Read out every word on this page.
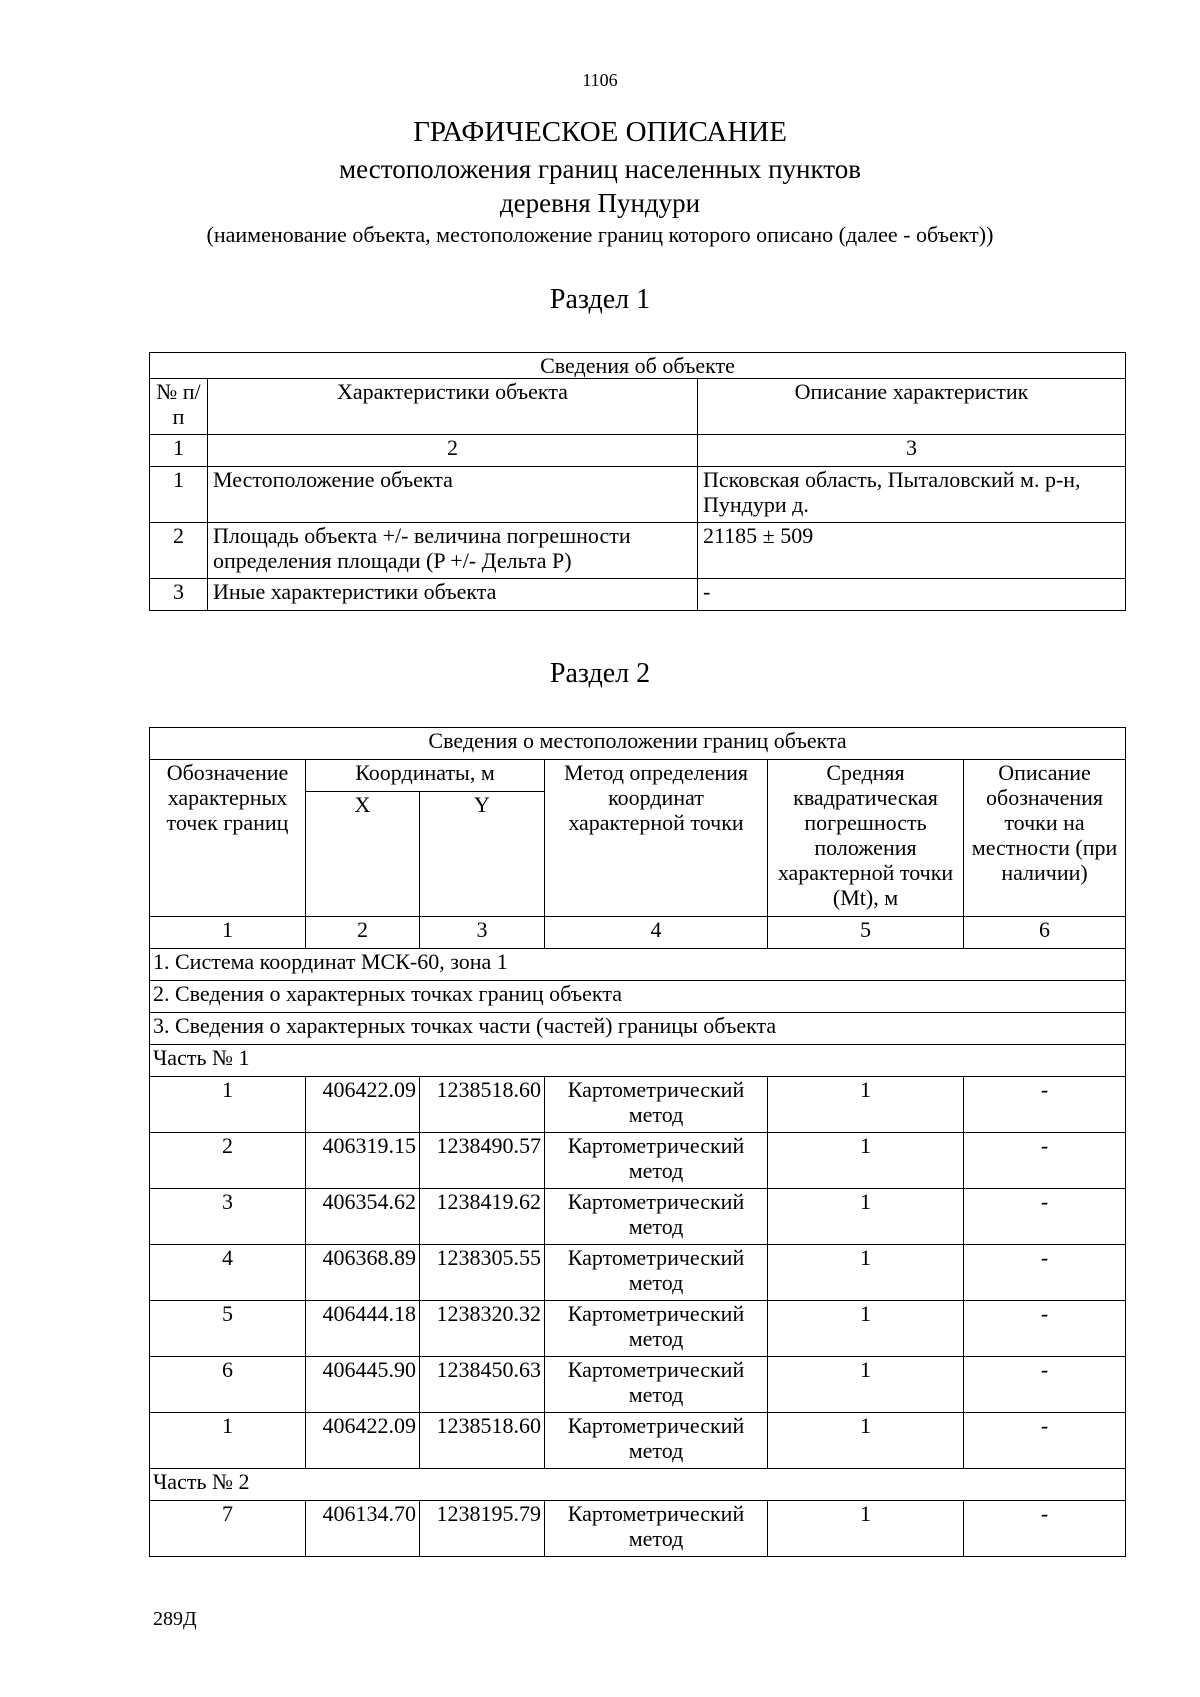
1106
ГРАФИЧЕСКОЕ ОПИСАНИЕ
местоположения границ населенных пунктов
деревня Пундури
(наименование объекта, местоположение границ которого описано (далее - объект))
Раздел 1
Сведения об объекте		
№ п/п	Характеристики объекта	Описание характеристик
1	2	3
1	Местоположение объекта	Псковская область, Пыталовский м. р-н, Пундури д.
2	Площадь объекта +/- величина погрешности определения площади (P +/- Дельта P)	21185 ± 509
3	Иные характеристики объекта	-
Раздел 2
Сведения о местоположении границ объекта					
Обозначение характерных точек границ	Координаты, м		Метод определения координат характерной точки	Средняя квадратическая погрешность положения характерной точки (Mt), м	Описание обозначения точки на местности (при наличии)
	X	Y			
1	2	3	4	5	6
1. Система координат МСК-60, зона 1					
2. Сведения о характерных точках границ объекта					
3. Сведения о характерных точках части (частей) границы объекта					
Часть № 1					
1	406422.09	1238518.60	Картометрический метод	1	-
2	406319.15	1238490.57	Картометрический метод	1	-
3	406354.62	1238419.62	Картометрический метод	1	-
4	406368.89	1238305.55	Картометрический метод	1	-
5	406444.18	1238320.32	Картометрический метод	1	-
6	406445.90	1238450.63	Картометрический метод	1	-
1	406422.09	1238518.60	Картометрический метод	1	-
Часть № 2					
7	406134.70	1238195.79	Картометрический метод	1	-
289Д
